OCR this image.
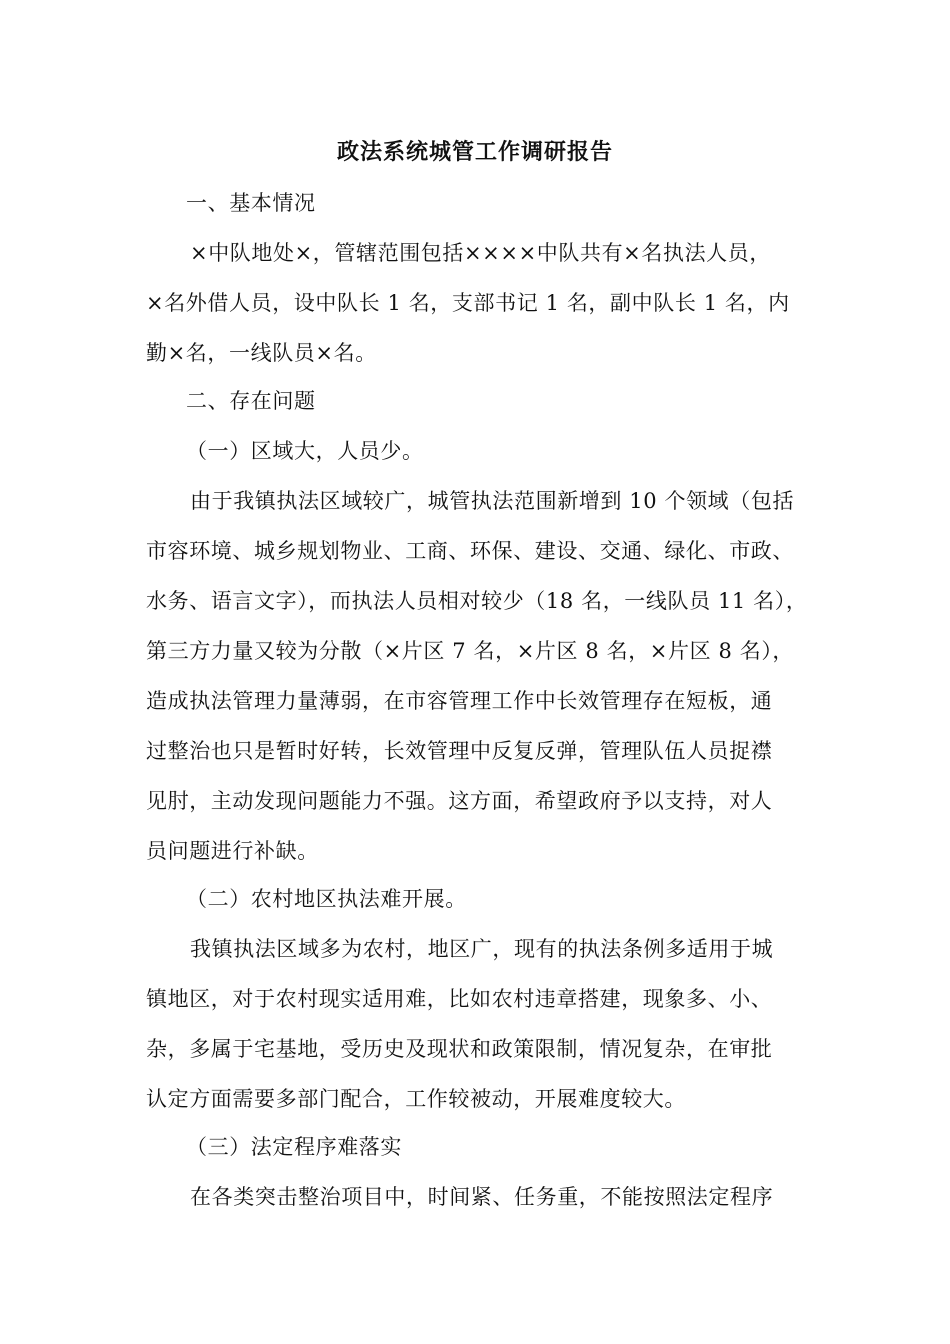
政法系统城管工作调研报告

一、基本情况

×中队地处×，管辖范围包括××××中队共有×名执法人员，
×名外借人员，设中队长 1 名，支部书记 1 名，副中队长 1 名，内
勤×名，一线队员×名。

二、存在问题

（一）区域大，人员少。

由于我镇执法区域较广，城管执法范围新增到 10 个领域（包括
市容环境、城乡规划物业、工商、环保、建设、交通、绿化、市政、
水务、语言文字），而执法人员相对较少（18 名，一线队员 11 名），
第三方力量又较为分散（×片区 7 名，×片区 8 名，×片区 8 名），
造成执法管理力量薄弱，在市容管理工作中长效管理存在短板，通
过整治也只是暂时好转，长效管理中反复反弹，管理队伍人员捉襟
见肘，主动发现问题能力不强。这方面，希望政府予以支持，对人
员问题进行补缺。

（二）农村地区执法难开展。

我镇执法区域多为农村，地区广，现有的执法条例多适用于城
镇地区，对于农村现实适用难，比如农村违章搭建，现象多、小、
杂，多属于宅基地，受历史及现状和政策限制，情况复杂，在审批
认定方面需要多部门配合，工作较被动，开展难度较大。

（三）法定程序难落实

在各类突击整治项目中，时间紧、任务重，不能按照法定程序
